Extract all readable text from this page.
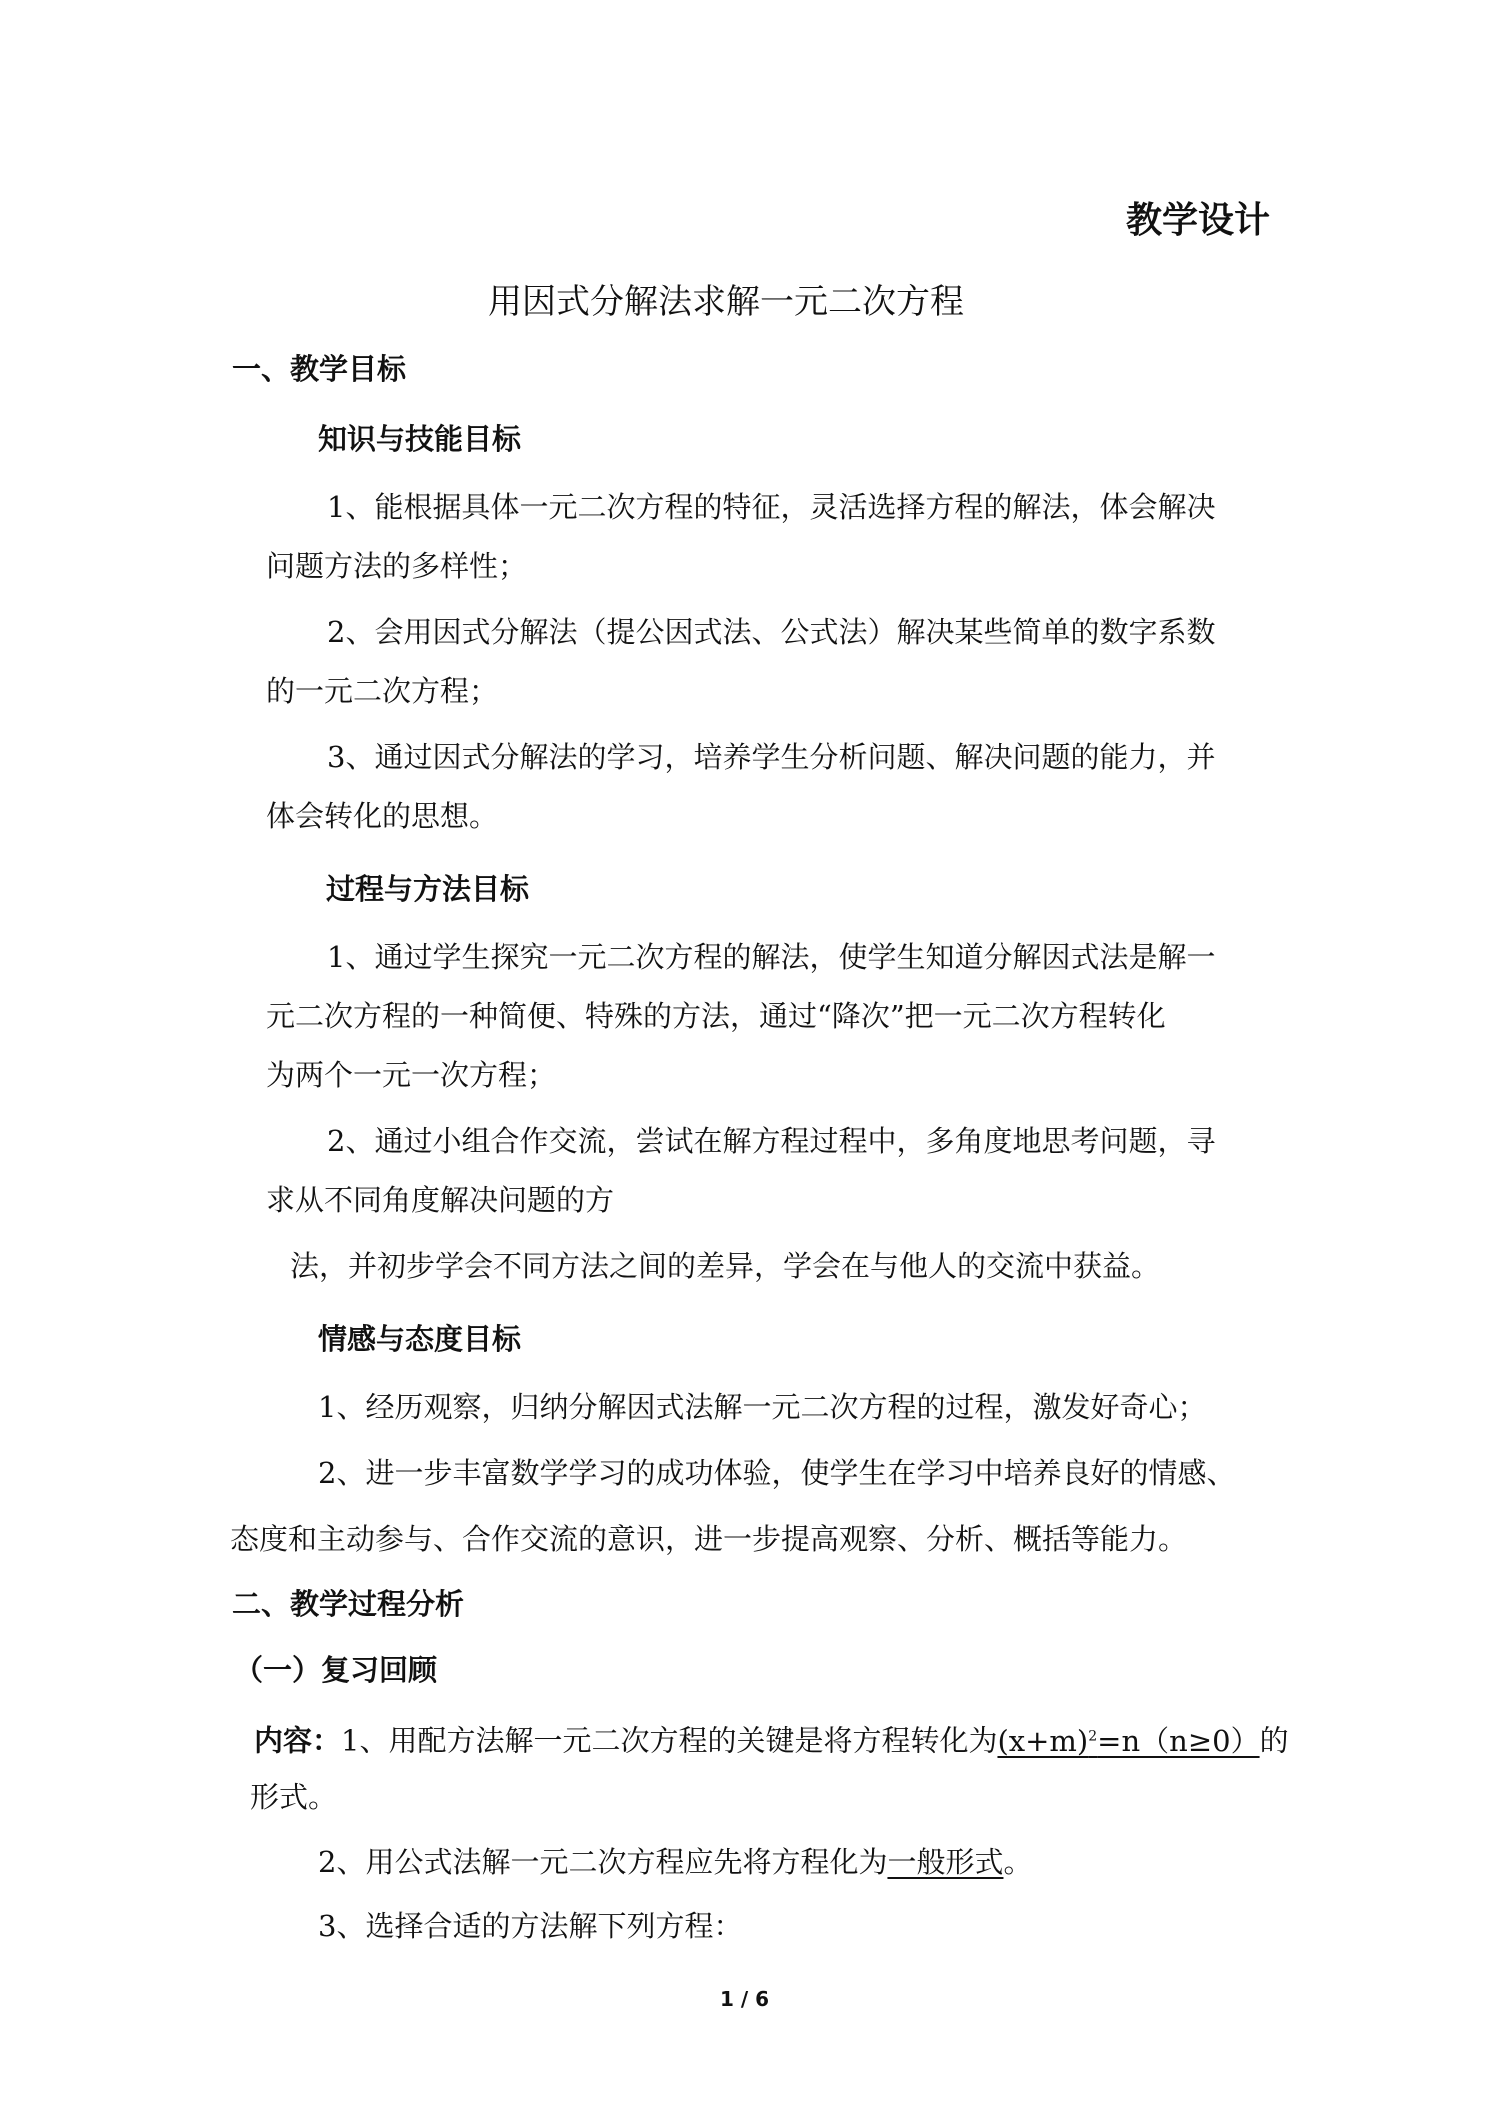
教学设计
用因式分解法求解一元二次方程
一、教学目标
知识与技能目标
1、能根据具体一元二次方程的特征，灵活选择方程的解法，体会解决
问题方法的多样性；
2、会用因式分解法（提公因式法、公式法）解决某些简单的数字系数
的一元二次方程；
3、通过因式分解法的学习，培养学生分析问题、解决问题的能力，并
体会转化的思想。
过程与方法目标
1、通过学生探究一元二次方程的解法，使学生知道分解因式法是解一
元二次方程的一种简便、特殊的方法，通过“降次”把一元二次方程转化
为两个一元一次方程；
2、通过小组合作交流，尝试在解方程过程中，多角度地思考问题，寻
求从不同角度解决问题的方
法，并初步学会不同方法之间的差异，学会在与他人的交流中获益。
情感与态度目标
1、经历观察，归纳分解因式法解一元二次方程的过程，激发好奇心；
2、进一步丰富数学学习的成功体验，使学生在学习中培养良好的情感、
态度和主动参与、合作交流的意识，进一步提高观察、分析、概括等能力。
二、教学过程分析
（一）复习回顾
内容：1、用配方法解一元二次方程的关键是将方程转化为$(x+m)^2=n(n\ge 0)$的
形式。
2、用公式法解一元二次方程应先将方程化为一般形式。
3、选择合适的方法解下列方程：
1 / 6
